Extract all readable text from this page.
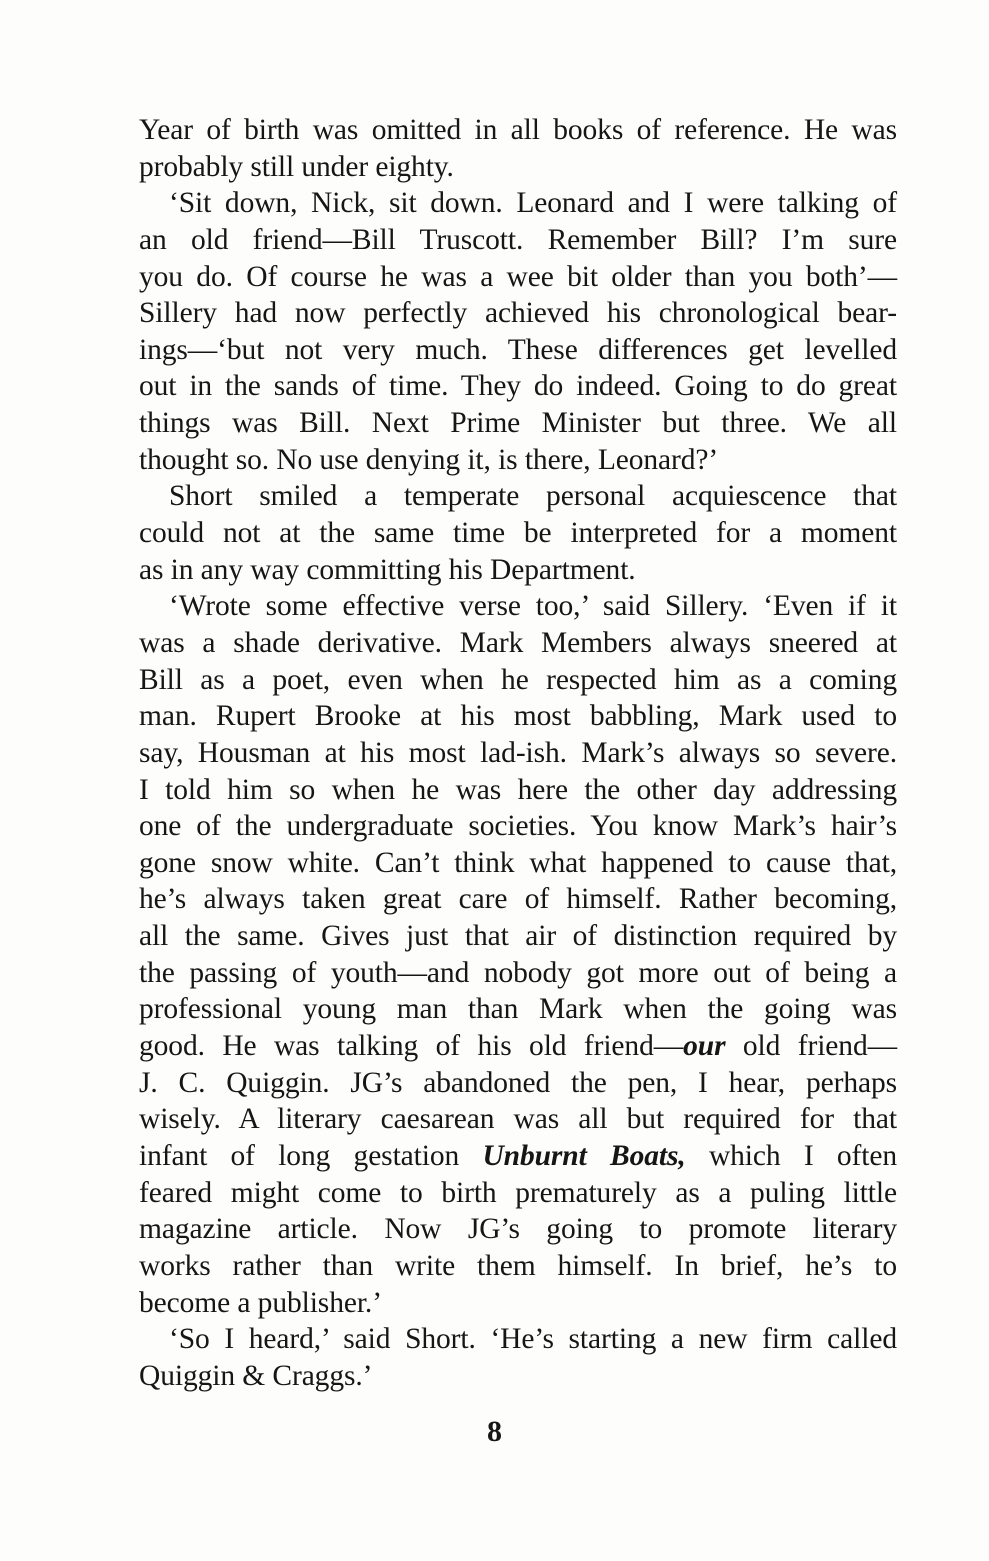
Year of birth was omitted in all books of reference. He was
probably still under eighty.
‘Sit down, Nick, sit down. Leonard and I were talking of
an old friend—Bill Truscott. Remember Bill? I’m sure
you do. Of course he was a wee bit older than you both’—
Sillery had now perfectly achieved his chronological bear-
ings—‘but not very much. These differences get levelled
out in the sands of time. They do indeed. Going to do great
things was Bill. Next Prime Minister but three. We all
thought so. No use denying it, is there, Leonard?’
Short smiled a temperate personal acquiescence that
could not at the same time be interpreted for a moment
as in any way committing his Department.
‘Wrote some effective verse too,’ said Sillery. ‘Even if it
was a shade derivative. Mark Members always sneered at
Bill as a poet, even when he respected him as a coming
man. Rupert Brooke at his most babbling, Mark used to
say, Housman at his most lad-ish. Mark’s always so severe.
I told him so when he was here the other day addressing
one of the undergraduate societies. You know Mark’s hair’s
gone snow white. Can’t think what happened to cause that,
he’s always taken great care of himself. Rather becoming,
all the same. Gives just that air of distinction required by
the passing of youth—and nobody got more out of being a
professional young man than Mark when the going was
good. He was talking of his old friend—our old friend—
J. C. Quiggin. JG’s abandoned the pen, I hear, perhaps
wisely. A literary caesarean was all but required for that
infant of long gestation Unburnt Boats, which I often
feared might come to birth prematurely as a puling little
magazine article. Now JG’s going to promote literary
works rather than write them himself. In brief, he’s to
become a publisher.’
‘So I heard,’ said Short. ‘He’s starting a new firm called
Quiggin & Craggs.’
8
